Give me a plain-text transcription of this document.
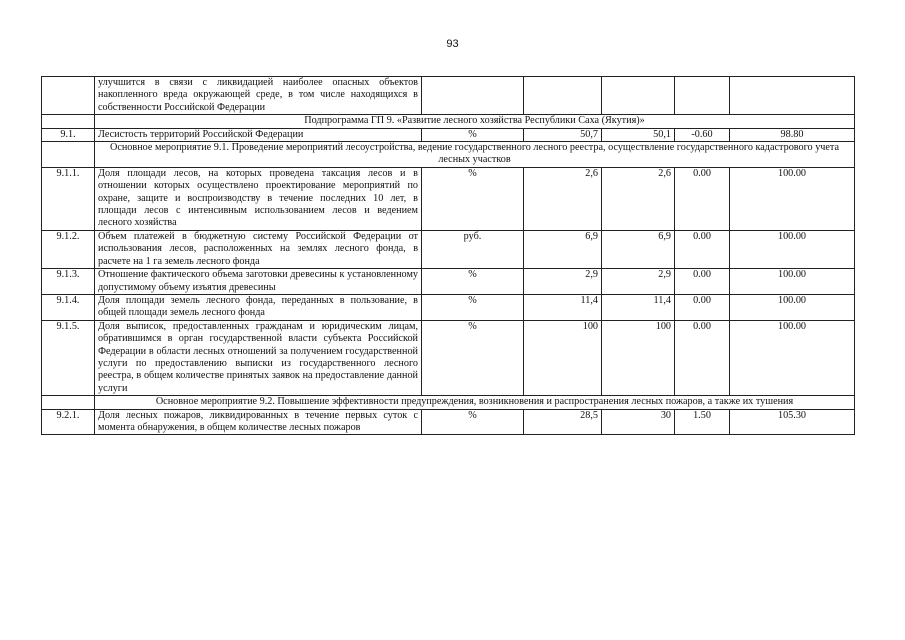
93
	улучшится в связи с ликвидацией наиболее опасных объектов накопленного вреда окружающей среде, в том числе находящихся в собственности Российской Федерации					
	Подпрограмма ГП 9. «Развитие лесного хозяйства Республики Саха (Якутия)»					
9.1.	Лесистость территорий Российской Федерации	%	50,7	50,1	-0.60	98.80
	Основное мероприятие 9.1. Проведение мероприятий лесоустройства, ведение государственного лесного реестра, осуществление государственного кадастрового учета лесных участков					
9.1.1.	Доля площади лесов, на которых проведена таксация лесов и в отношении которых осуществлено проектирование мероприятий по охране, защите и воспроизводству в течение последних 10 лет, в площади лесов с интенсивным использованием лесов и ведением лесного хозяйства	%	2,6	2,6	0.00	100.00
9.1.2.	Объем платежей в бюджетную систему Российской Федерации от использования лесов, расположенных на землях лесного фонда, в расчете на 1 га земель лесного фонда	руб.	6,9	6,9	0.00	100.00
9.1.3.	Отношение фактического объема заготовки древесины к установленному допустимому объему изъятия древесины	%	2,9	2,9	0.00	100.00
9.1.4.	Доля площади земель лесного фонда, переданных в пользование, в общей площади земель лесного фонда	%	11,4	11,4	0.00	100.00
9.1.5.	Доля выписок, предоставленных гражданам и юридическим лицам, обратившимся в орган государственной власти субъекта Российской Федерации в области лесных отношений за получением государственной услуги по предоставлению выписки из государственного лесного реестра, в общем количестве принятых заявок на предоставление данной услуги	%	100	100	0.00	100.00
	Основное мероприятие 9.2. Повышение эффективности предупреждения, возникновения и распространения лесных пожаров, а также их тушения					
9.2.1.	Доля лесных пожаров, ликвидированных в течение первых суток с момента обнаружения, в общем количестве лесных пожаров	%	28,5	30	1.50	105.30
